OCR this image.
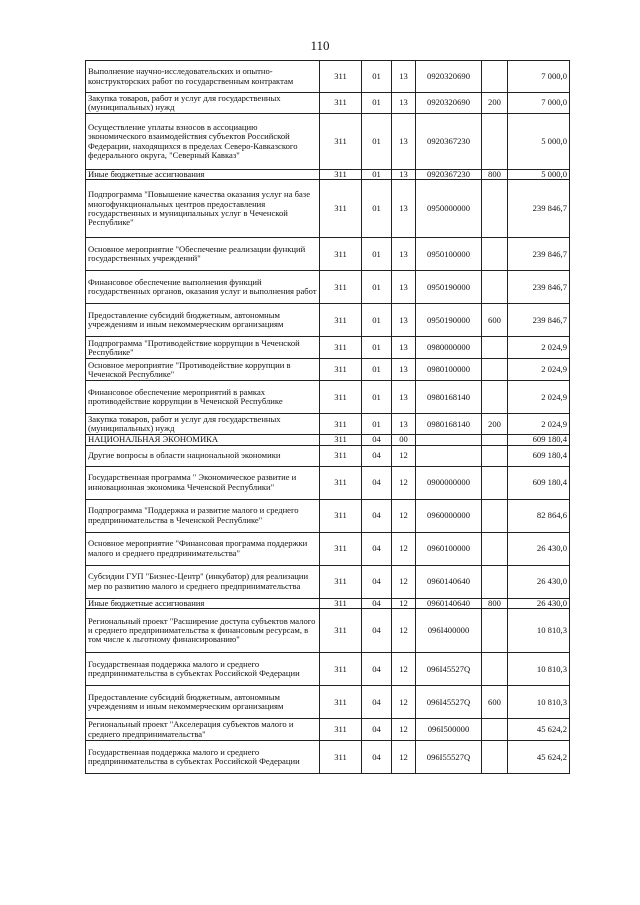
110
Выполнение научно-исследовательских и опытно-конструкторских работ по государственным контрактам	311	01	13	0920320690		7 000,0
Закупка товаров, работ и услуг для государственных (муниципальных) нужд	311	01	13	0920320690	200	7 000,0
Осуществление уплаты взносов в ассоциацию экономического взаимодействия субъектов Российской Федерации, находящихся в пределах Северо-Кавказского федерального округа, "Северный Кавказ"	311	01	13	0920367230		5 000,0
Иные бюджетные ассигнования	311	01	13	0920367230	800	5 000,0
Подпрограмма "Повышение качества оказания услуг на базе многофункциональных центров предоставления государственных и муниципальных услуг в Чеченской Республике"	311	01	13	0950000000		239 846,7
Основное мероприятие "Обеспечение реализации функций государственных учреждений"	311	01	13	0950100000		239 846,7
Финансовое обеспечение выполнения функций государственных органов, оказания услуг и выполнения работ	311	01	13	0950190000		239 846,7
Предоставление субсидий бюджетным, автономным учреждениям и иным некоммерческим организациям	311	01	13	0950190000	600	239 846,7
Подпрограмма "Противодействие коррупции в Чеченской Республике"	311	01	13	0980000000		2 024,9
Основное мероприятие "Противодействие коррупции в Чеченской Республике"	311	01	13	0980100000		2 024,9
Финансовое обеспечение мероприятий в рамках противодействие коррупции в Чеченской Республике	311	01	13	0980168140		2 024,9
Закупка товаров, работ и услуг для государственных (муниципальных) нужд	311	01	13	0980168140	200	2 024,9
НАЦИОНАЛЬНАЯ ЭКОНОМИКА	311	04	00			609 180,4
Другие вопросы в области национальной экономики	311	04	12			609 180,4
Государственная программа " Экономическое развитие и инновационная экономика Чеченской Республики"	311	04	12	0900000000		609 180,4
Подпрограмма "Поддержка и развитие малого и среднего предпринимательства в Чеченской Республике"	311	04	12	0960000000		82 864,6
Основное мероприятие "Финансовая программа поддержки малого и среднего предпринимательства"	311	04	12	0960100000		26 430,0
Субсидии ГУП "Бизнес-Центр" (инкубатор) для реализации мер по развитию малого и среднего предпринимательства	311	04	12	0960140640		26 430,0
Иные бюджетные ассигнования	311	04	12	0960140640	800	26 430,0
Региональный проект "Расширение доступа субъектов малого и среднего предпринимательства к финансовым ресурсам, в том числе к льготному финансированию"	311	04	12	096I400000		10 810,3
Государственная поддержка малого и среднего предпринимательства в субъектах Российской Федерации	311	04	12	096I45527Q		10 810,3
Предоставление субсидий бюджетным, автономным учреждениям и иным некоммерческим организациям	311	04	12	096I45527Q	600	10 810,3
Региональный проект "Акселерация субъектов малого и среднего предпринимательства"	311	04	12	096I500000		45 624,2
Государственная поддержка малого и среднего предпринимательства в субъектах Российской Федерации	311	04	12	096I55527Q		45 624,2
